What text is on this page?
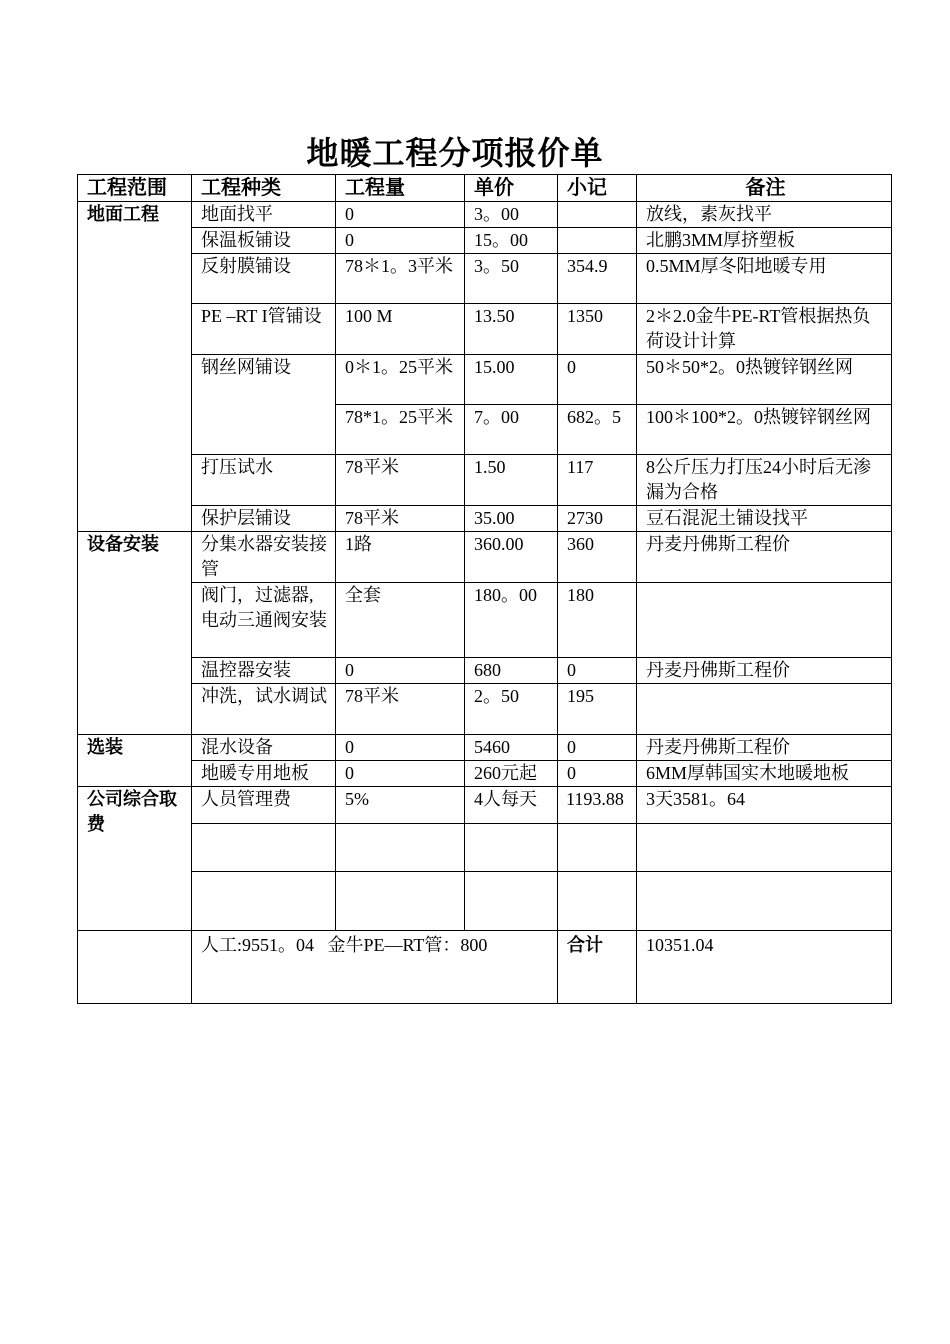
地暖工程分项报价单
工程范围	工程种类	工程量	单价	小记	备注
地面工程	地面找平	0	3。00		放线，素灰找平
	保温板铺设	0	15。00		北鹏3MM厚挤塑板
	反射膜铺设	78＊1。3平米	3。50	354.9	0.5MM厚冬阳地暖专用
	PE –RT I管铺设	100 M	13.50	1350	2＊2.0金牛PE-RT管根据热负荷设计计算
	钢丝网铺设	0＊1。25平米	15.00	0	50＊50*2。0热镀锌钢丝网
		78*1。25平米	7。00	682。5	100＊100*2。0热镀锌钢丝网
	打压试水	78平米	1.50	117	8公斤压力打压24小时后无渗漏为合格
	保护层铺设	78平米	35.00	2730	豆石混泥土铺设找平
设备安装	分集水器安装接管	1路	360.00	360	丹麦丹佛斯工程价
	阀门，过滤器,电动三通阀安装	全套	180。00	180	
	温控器安装	0	680	0	丹麦丹佛斯工程价
	冲洗，试水调试	78平米	2。50	195	
选装	混水设备	0	5460	0	丹麦丹佛斯工程价
	地暖专用地板	0	260元起	0	6MM厚韩国实木地暖地板
公司综合取费	人员管理费	5%	4人每天	1193.88	3天3581。64

	人工:9551。04   金牛PE—RT管：800			合计	10351.04
